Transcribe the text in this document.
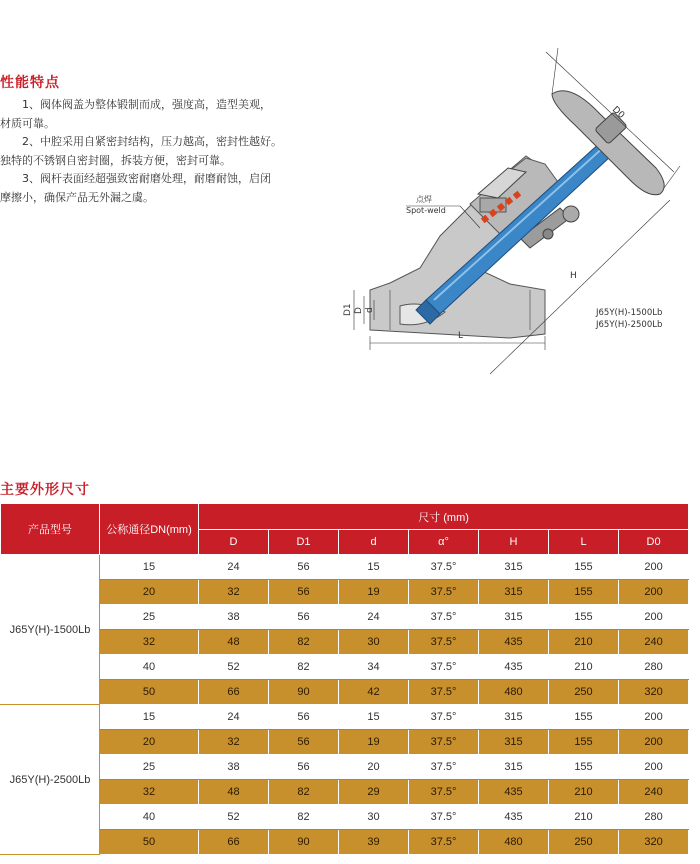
性能特点

1、阀体阀盖为整体锻制而成，强度高，造型美观，

材质可靠。

2、中腔采用自紧密封结构，压力越高，密封性越好。

独特的不锈钢自密封圈，拆装方便，密封可靠。

3、阀杆表面经超强致密耐磨处理，耐磨耐蚀，启闭

摩擦小，确保产品无外漏之虞。	点焊
Spot-weld
D0
H
L
D1 D d	J65Y(H)-1500Lb
J65Y(H)-2500Lb
主要外形尺寸
产品型号	公称通径DN(mm)	尺寸 (mm)						
		D	D1	d	α°	H	L	D0
J65Y(H)-1500Lb	15	24	56	15	37.5°	315	155	200
	20	32	56	19	37.5°	315	155	200
	25	38	56	24	37.5°	315	155	200
	32	48	82	30	37.5°	435	210	240
	40	52	82	34	37.5°	435	210	280
	50	66	90	42	37.5°	480	250	320
J65Y(H)-2500Lb	15	24	56	15	37.5°	315	155	200
	20	32	56	19	37.5°	315	155	200
	25	38	56	20	37.5°	315	155	200
	32	48	82	29	37.5°	435	210	240
	40	52	82	30	37.5°	435	210	280
	50	66	90	39	37.5°	480	250	320
